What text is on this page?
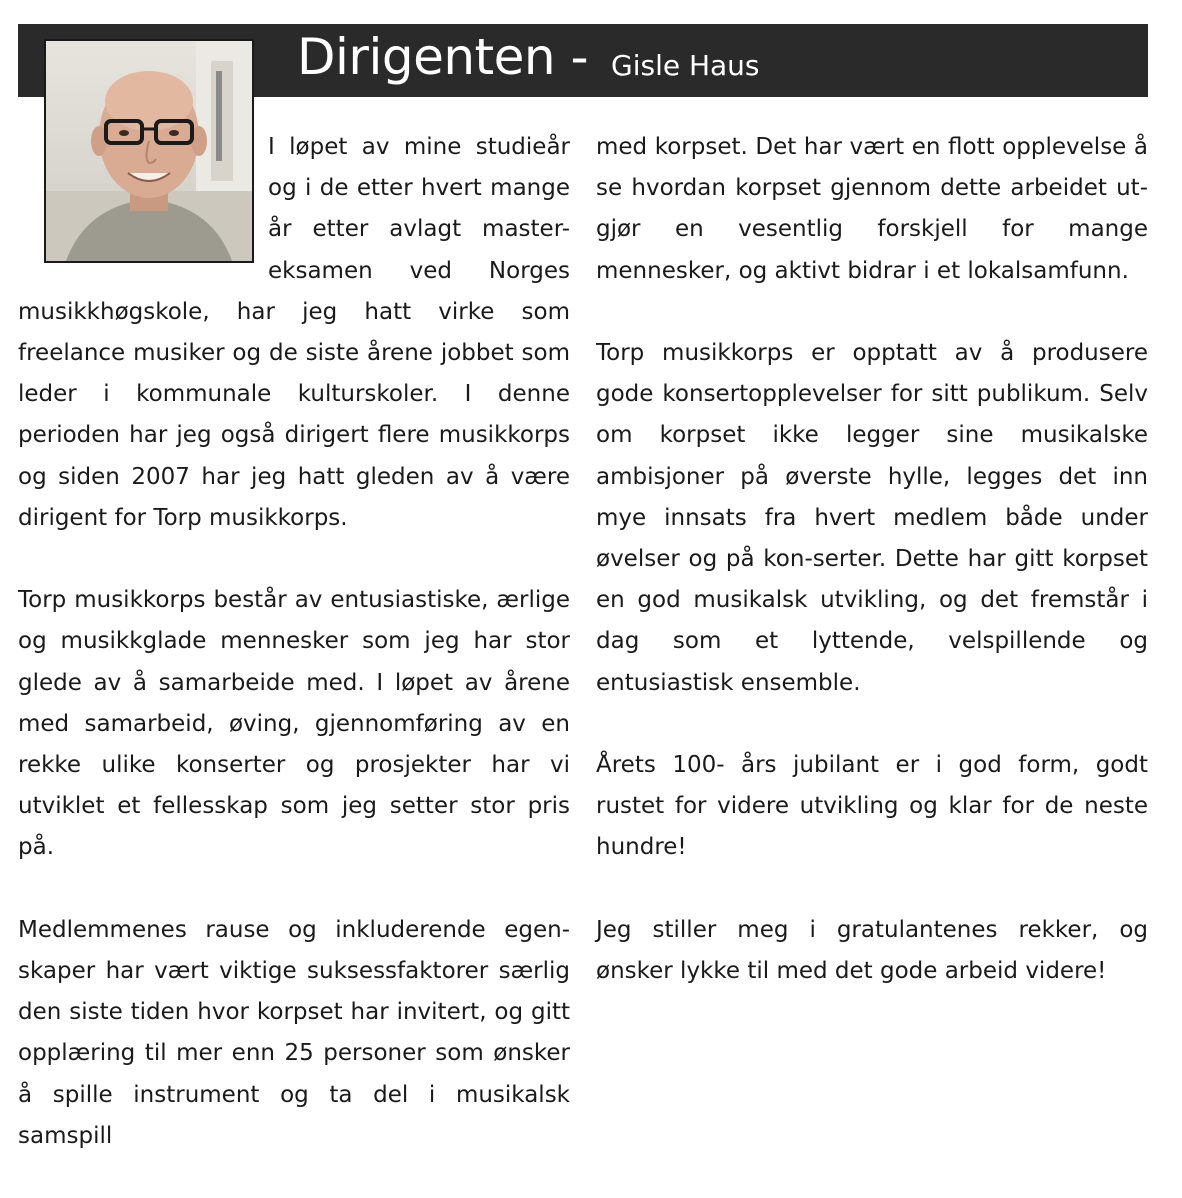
Dirigenten - Gisle Haus

I løpet av mine studieår og i de etter hvert mange år etter avlagt master-eksamen ved Norges musikkhøgskole, har jeg hatt virke som freelance musiker og de siste årene jobbet som leder i kommunale kulturskoler. I denne perioden har jeg også dirigert flere musikkorps og siden 2007 har jeg hatt gleden av å være dirigent for Torp musikkorps.

Torp musikkorps består av entusiastiske, ærlige og musikkglade mennesker som jeg har stor glede av å samarbeide med. I løpet av årene med samarbeid, øving, gjennomføring av en rekke ulike konserter og prosjekter har vi utviklet et fellesskap som jeg setter stor pris på.

Medlemmenes rause og inkluderende egen-skaper har vært viktige suksessfaktorer særlig den siste tiden hvor korpset har invitert, og gitt opplæring til mer enn 25 personer som ønsker å spille instrument og ta del i musikalsk samspill

med korpset. Det har vært en flott opplevelse å se hvordan korpset gjennom dette arbeidet ut-gjør en vesentlig forskjell for mange mennesker, og aktivt bidrar i et lokalsamfunn.

Torp musikkorps er opptatt av å produsere gode konsertopplevelser for sitt publikum. Selv om korpset ikke legger sine musikalske ambisjoner på øverste hylle, legges det inn mye innsats fra hvert medlem både under øvelser og på kon-serter. Dette har gitt korpset en god musikalsk utvikling, og det fremstår i dag som et lyttende, velspillende og entusiastisk ensemble.

Årets 100- års jubilant er i god form, godt rustet for videre utvikling og klar for de neste hundre!

Jeg stiller meg i gratulantenes rekker, og ønsker lykke til med det gode arbeid videre!
